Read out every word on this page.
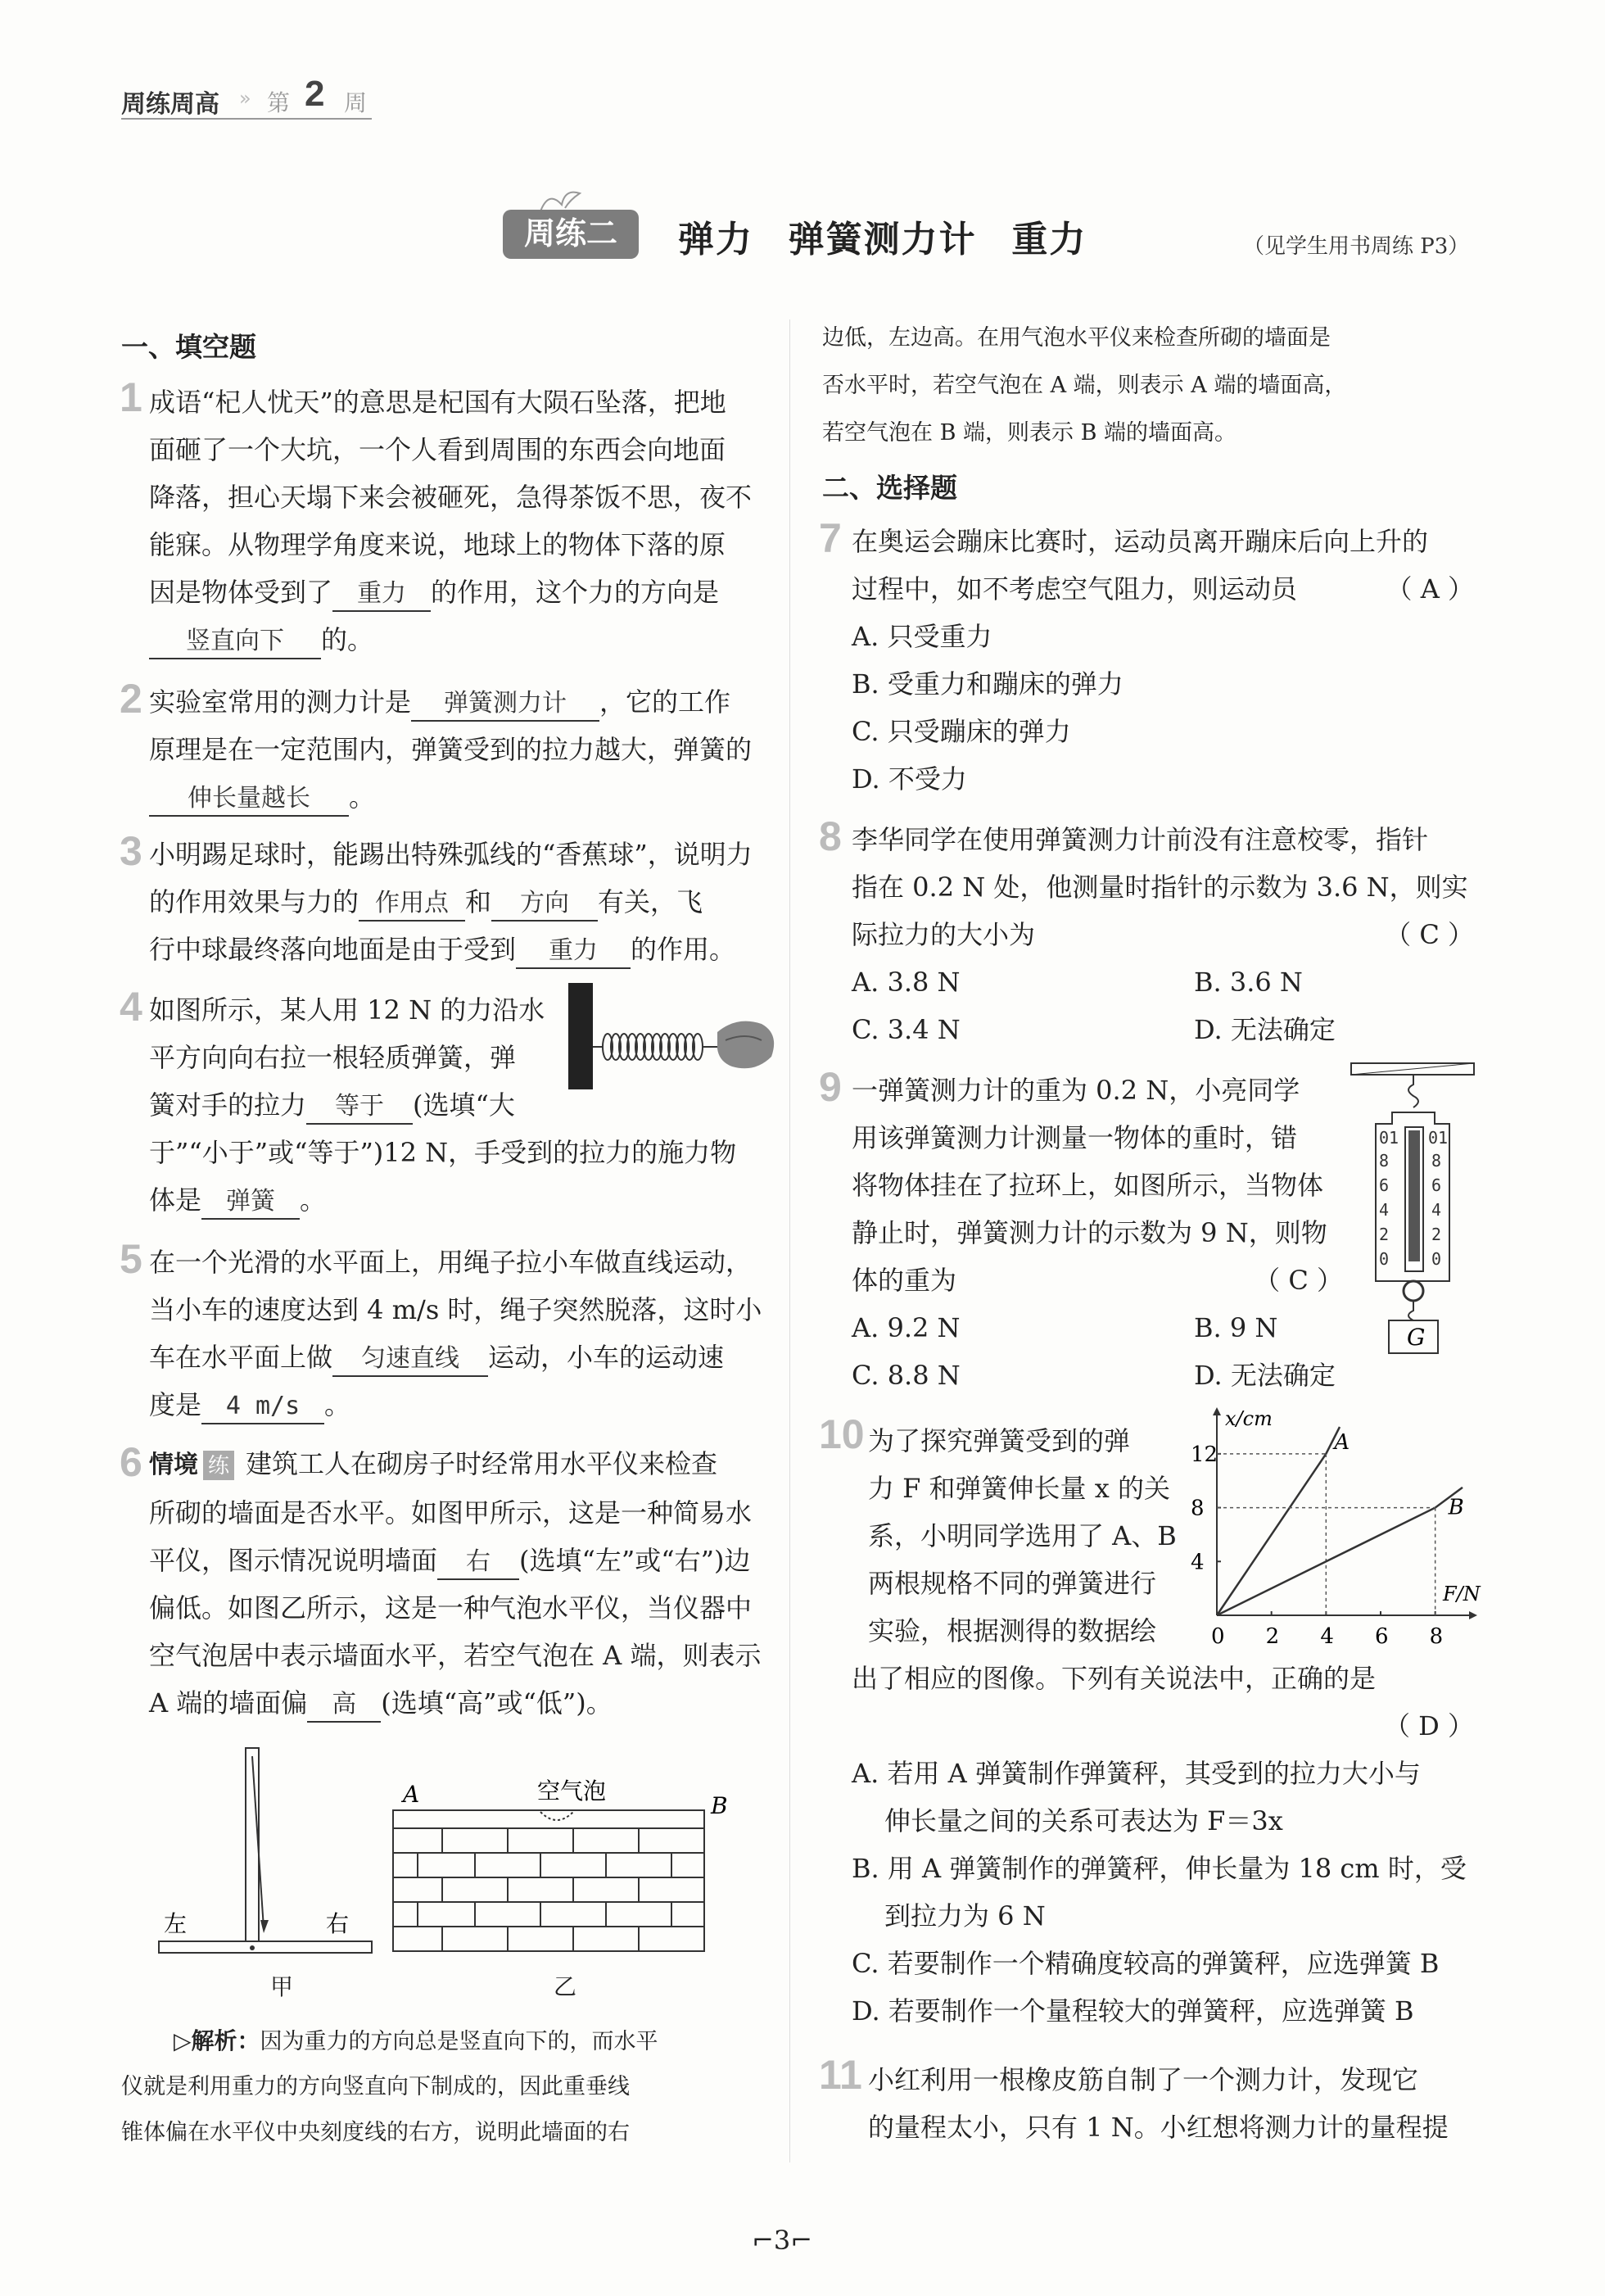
周练周高 » 第 2 周
周练二	弹力   弹簧测力计   重力	（见学生用书周练 P3）
一、填空题
1 成语“杞人忧天”的意思是杞国有大陨石坠落，把地
面砸了一个大坑，一个人看到周围的东西会向地面
降落，担心天塌下来会被砸死，急得茶饭不思，夜不
能寐。从物理学角度来说，地球上的物体下落的原
因是物体受到了 重力 的作用，这个力的方向是
竖直向下 的。
2 实验室常用的测力计是 弹簧测力计 ，它的工作
原理是在一定范围内，弹簧受到的拉力越大，弹簧的
伸长量越长 。
3 小明踢足球时，能踢出特殊弧线的“香蕉球”，说明力
的作用效果与力的 作用点 和 方向 有关，飞
行中球最终落向地面是由于受到 重力 的作用。
4 如图所示，某人用 12 N 的力沿水
平方向向右拉一根轻质弹簧，弹
簧对手的拉力 等于 (选填“大
于”“小于”或“等于”)12 N，手受到的拉力的施力物
体是 弹簧 。
5 在一个光滑的水平面上，用绳子拉小车做直线运动，
当小车的速度达到 4 m/s 时，绳子突然脱落，这时小
车在水平面上做 匀速直线 运动，小车的运动速
度是 4 m/s 。
6 情境 练 建筑工人在砌房子时经常用水平仪来检查
所砌的墙面是否水平。如图甲所示，这是一种简易水
平仪，图示情况说明墙面 右 (选填“左”或“右”)边
偏低。如图乙所示，这是一种气泡水平仪，当仪器中
空气泡居中表示墙面水平，若空气泡在 A 端，则表示
A 端的墙面偏 高 (选填“高”或“低”)。
左	右
甲
A	空气泡
B
乙
▷解析：因为重力的方向总是竖直向下的，而水平
仪就是利用重力的方向竖直向下制成的，因此重垂线
锥体偏在水平仪中央刻度线的右方，说明此墙面的右
边低，左边高。在用气泡水平仪来检查所砌的墙面是
否水平时，若空气泡在 A 端，则表示 A 端的墙面高，
若空气泡在 B 端，则表示 B 端的墙面高。
二、选择题
7 在奥运会蹦床比赛时，运动员离开蹦床后向上升的
过程中，如不考虑空气阻力，则运动员	（ A ）
A. 只受重力
B. 受重力和蹦床的弹力
C. 只受蹦床的弹力
D. 不受力
8 李华同学在使用弹簧测力计前没有注意校零，指针
指在 0.2 N 处，他测量时指针的示数为 3.6 N，则实
际拉力的大小为	（ C ）
A. 3.8 N	B. 3.6 N
C. 3.4 N	D. 无法确定
9 一弹簧测力计的重为 0.2 N，小亮同学
用该弹簧测力计测量一物体的重时，错
将物体挂在了拉环上，如图所示，当物体
静止时，弹簧测力计的示数为 9 N，则物
体的重为	（ C ）
A. 9.2 N	B. 9 N
C. 8.8 N	D. 无法确定
01
8
6
4
2
0
01
8
6
4
2
0
G
10 为了探究弹簧受到的弹
力 F 和弹簧伸长量 x 的关
系，小明同学选用了 A、B
两根规格不同的弹簧进行
实验，根据测得的数据绘
出了相应的图像。下列有关说法中，正确的是
（ D ）
A. 若用 A 弹簧制作弹簧秤，其受到的拉力大小与
伸长量之间的关系可表达为 F＝3x
B. 用 A 弹簧制作的弹簧秤，伸长量为 18 cm 时，受
到拉力为 6 N
C. 若要制作一个精确度较高的弹簧秤，应选弹簧 B
D. 若要制作一个量程较大的弹簧秤，应选弹簧 B
F/N
x/cm
0 2 4 6 8
4
8
12	A
B
11 小红利用一根橡皮筋自制了一个测力计，发现它
的量程太小，只有 1 N。小红想将测力计的量程提
⌐3⌐
